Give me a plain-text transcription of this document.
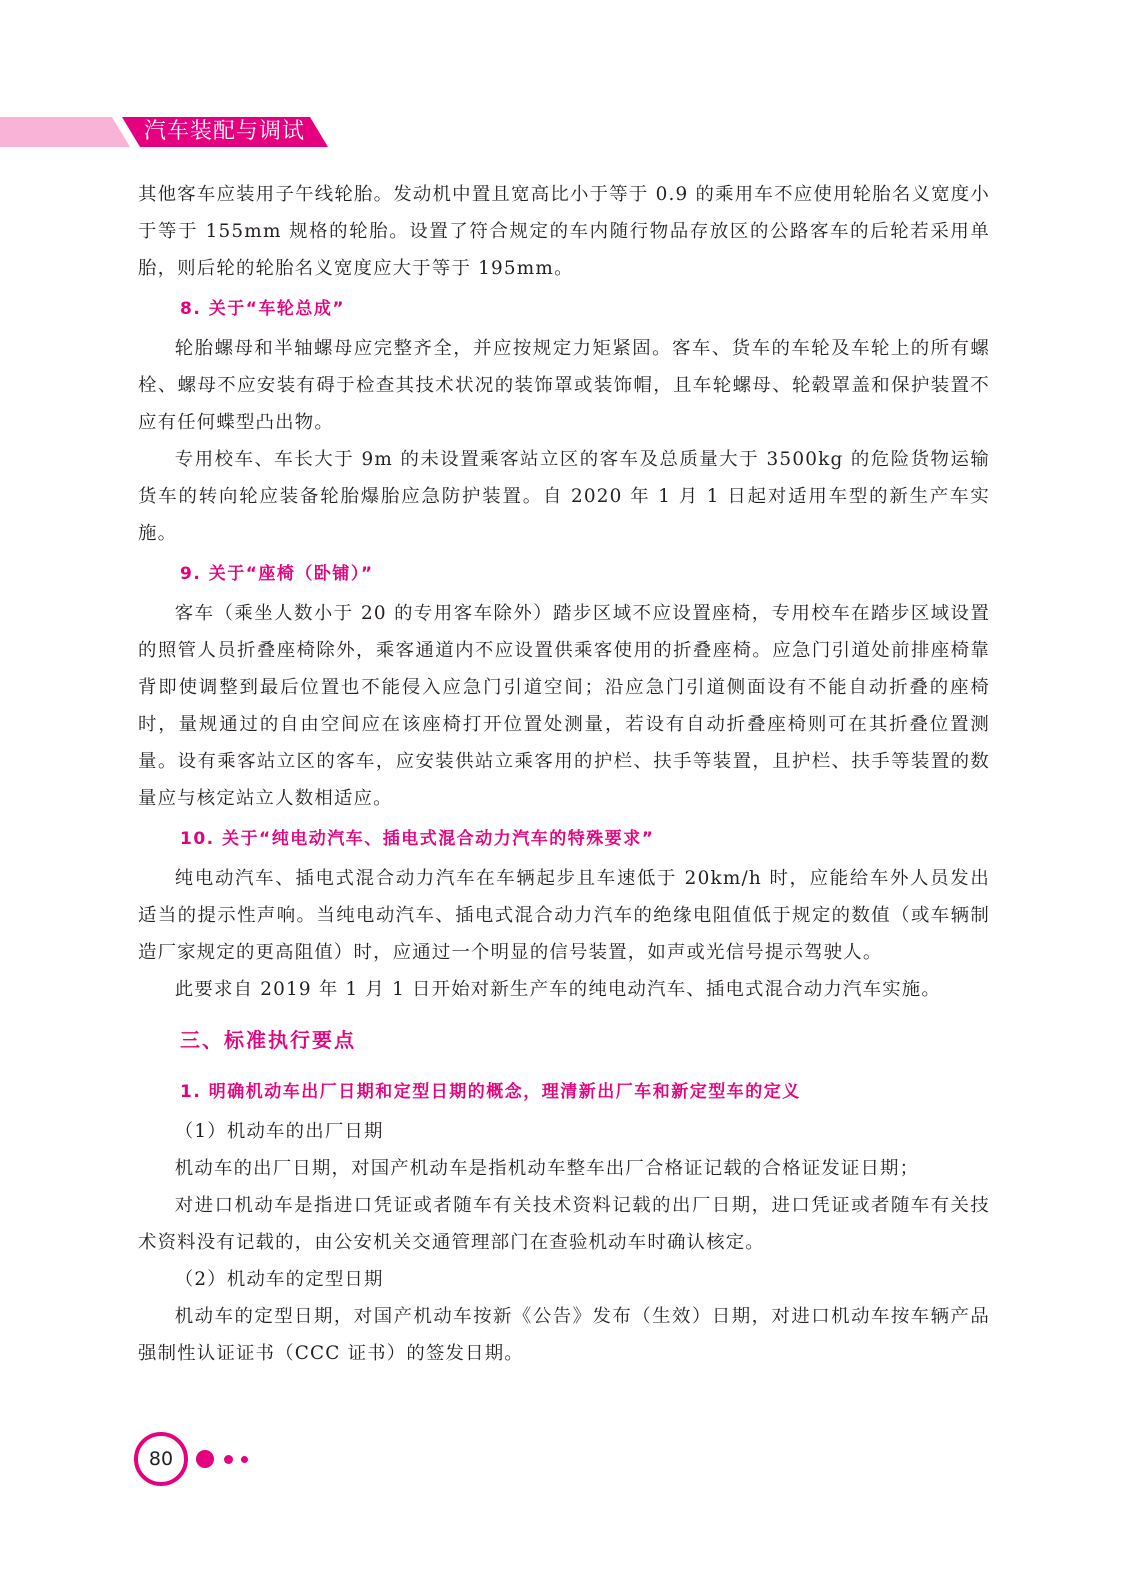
汽车装配与调试

其他客车应装用子午线轮胎。发动机中置且宽高比小于等于 0.9 的乘用车不应使用轮胎名义宽度小于等于 155mm 规格的轮胎。设置了符合规定的车内随行物品存放区的公路客车的后轮若采用单胎，则后轮的轮胎名义宽度应大于等于 195mm。

8. 关于“车轮总成”

轮胎螺母和半轴螺母应完整齐全，并应按规定力矩紧固。客车、货车的车轮及车轮上的所有螺栓、螺母不应安装有碍于检查其技术状况的装饰罩或装饰帽，且车轮螺母、轮毂罩盖和保护装置不应有任何蝶型凸出物。

专用校车、车长大于 9m 的未设置乘客站立区的客车及总质量大于 3500kg 的危险货物运输货车的转向轮应装备轮胎爆胎应急防护装置。自 2020 年 1 月 1 日起对适用车型的新生产车实施。

9. 关于“座椅（卧铺）”

客车（乘坐人数小于 20 的专用客车除外）踏步区域不应设置座椅，专用校车在踏步区域设置的照管人员折叠座椅除外，乘客通道内不应设置供乘客使用的折叠座椅。应急门引道处前排座椅靠背即使调整到最后位置也不能侵入应急门引道空间；沿应急门引道侧面设有不能自动折叠的座椅时，量规通过的自由空间应在该座椅打开位置处测量，若设有自动折叠座椅则可在其折叠位置测量。设有乘客站立区的客车，应安装供站立乘客用的护栏、扶手等装置，且护栏、扶手等装置的数量应与核定站立人数相适应。

10. 关于“纯电动汽车、插电式混合动力汽车的特殊要求”

纯电动汽车、插电式混合动力汽车在车辆起步且车速低于 20km/h 时，应能给车外人员发出适当的提示性声响。当纯电动汽车、插电式混合动力汽车的绝缘电阻值低于规定的数值（或车辆制造厂家规定的更高阻值）时，应通过一个明显的信号装置，如声或光信号提示驾驶人。

此要求自 2019 年 1 月 1 日开始对新生产车的纯电动汽车、插电式混合动力汽车实施。

三、标准执行要点
1. 明确机动车出厂日期和定型日期的概念，理清新出厂车和新定型车的定义

（1）机动车的出厂日期

机动车的出厂日期，对国产机动车是指机动车整车出厂合格证记载的合格证发证日期；

对进口机动车是指进口凭证或者随车有关技术资料记载的出厂日期，进口凭证或者随车有关技术资料没有记载的，由公安机关交通管理部门在查验机动车时确认核定。

（2）机动车的定型日期

机动车的定型日期，对国产机动车按新《公告》发布（生效）日期，对进口机动车按车辆产品强制性认证证书（CCC 证书）的签发日期。

80
